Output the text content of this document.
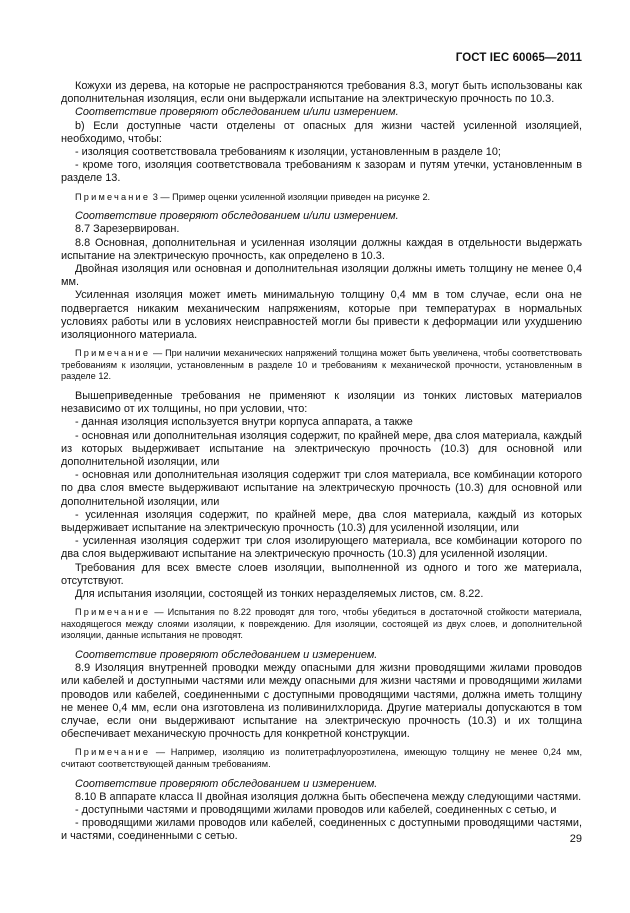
ГОСТ IEC 60065—2011

Кожухи из дерева, на которые не распространяются требования 8.3, могут быть использованы как дополнительная изоляция, если они выдержали испытание на электрическую прочность по 10.3.

Соответствие проверяют обследованием и/или измерением.

b) Если доступные части отделены от опасных для жизни частей усиленной изоляцией, необходимо, чтобы:

- изоляция соответствовала требованиям к изоляции, установленным в разделе 10;

- кроме того, изоляция соответствовала требованиям к зазорам и путям утечки, установленным в разделе 13.

Примечание 3 — Пример оценки усиленной изоляции приведен на рисунке 2.

Соответствие проверяют обследованием и/или измерением.

8.7 Зарезервирован.

8.8 Основная, дополнительная и усиленная изоляции должны каждая в отдельности выдержать испытание на электрическую прочность, как определено в 10.3.

Двойная изоляция или основная и дополнительная изоляции должны иметь толщину не менее 0,4 мм.

Усиленная изоляция может иметь минимальную толщину 0,4 мм в том случае, если она не подвергается никаким механическим напряжениям, которые при температурах в нормальных условиях работы или в условиях неисправностей могли бы привести к деформации или ухудшению изоляционного материала.

Примечание — При наличии механических напряжений толщина может быть увеличена, чтобы соответствовать требованиям к изоляции, установленным в разделе 10 и требованиям к механической прочности, установленным в разделе 12.

Вышеприведенные требования не применяют к изоляции из тонких листовых материалов независимо от их толщины, но при условии, что:

- данная изоляция используется внутри корпуса аппарата, а также

- основная или дополнительная изоляция содержит, по крайней мере, два слоя материала, каждый из которых выдерживает испытание на электрическую прочность (10.3) для основной или дополнительной изоляции, или

- основная или дополнительная изоляция содержит три слоя материала, все комбинации которого по два слоя вместе выдерживают испытание на электрическую прочность (10.3) для основной или дополнительной изоляции, или

- усиленная изоляция содержит, по крайней мере, два слоя материала, каждый из которых выдерживает испытание на электрическую прочность (10.3) для усиленной изоляции, или

- усиленная изоляция содержит три слоя изолирующего материала, все комбинации которого по два слоя выдерживают испытание на электрическую прочность (10.3) для усиленной изоляции.

Требования для всех вместе слоев изоляции, выполненной из одного и того же материала, отсутствуют.

Для испытания изоляции, состоящей из тонких неразделяемых листов, см. 8.22.

Примечание — Испытания по 8.22 проводят для того, чтобы убедиться в достаточной стойкости материала, находящегося между слоями изоляции, к повреждению. Для изоляции, состоящей из двух слоев, и дополнительной изоляции, данные испытания не проводят.

Соответствие проверяют обследованием и измерением.

8.9 Изоляция внутренней проводки между опасными для жизни проводящими жилами проводов или кабелей и доступными частями или между опасными для жизни частями и проводящими жилами проводов или кабелей, соединенными с доступными проводящими частями, должна иметь толщину не менее 0,4 мм, если она изготовлена из поливинилхлорида. Другие материалы допускаются в том случае, если они выдерживают испытание на электрическую прочность (10.3) и их толщина обеспечивает механическую прочность для конкретной конструкции.

Примечание — Например, изоляцию из политетрафлуороэтилена, имеющую толщину не менее 0,24 мм, считают соответствующей данным требованиям.

Соответствие проверяют обследованием и измерением.

8.10 В аппарате класса II двойная изоляция должна быть обеспечена между следующими частями.

- доступными частями и проводящими жилами проводов или кабелей, соединенных с сетью, и

- проводящими жилами проводов или кабелей, соединенных с доступными проводящими частями, и частями, соединенными с сетью.	29
